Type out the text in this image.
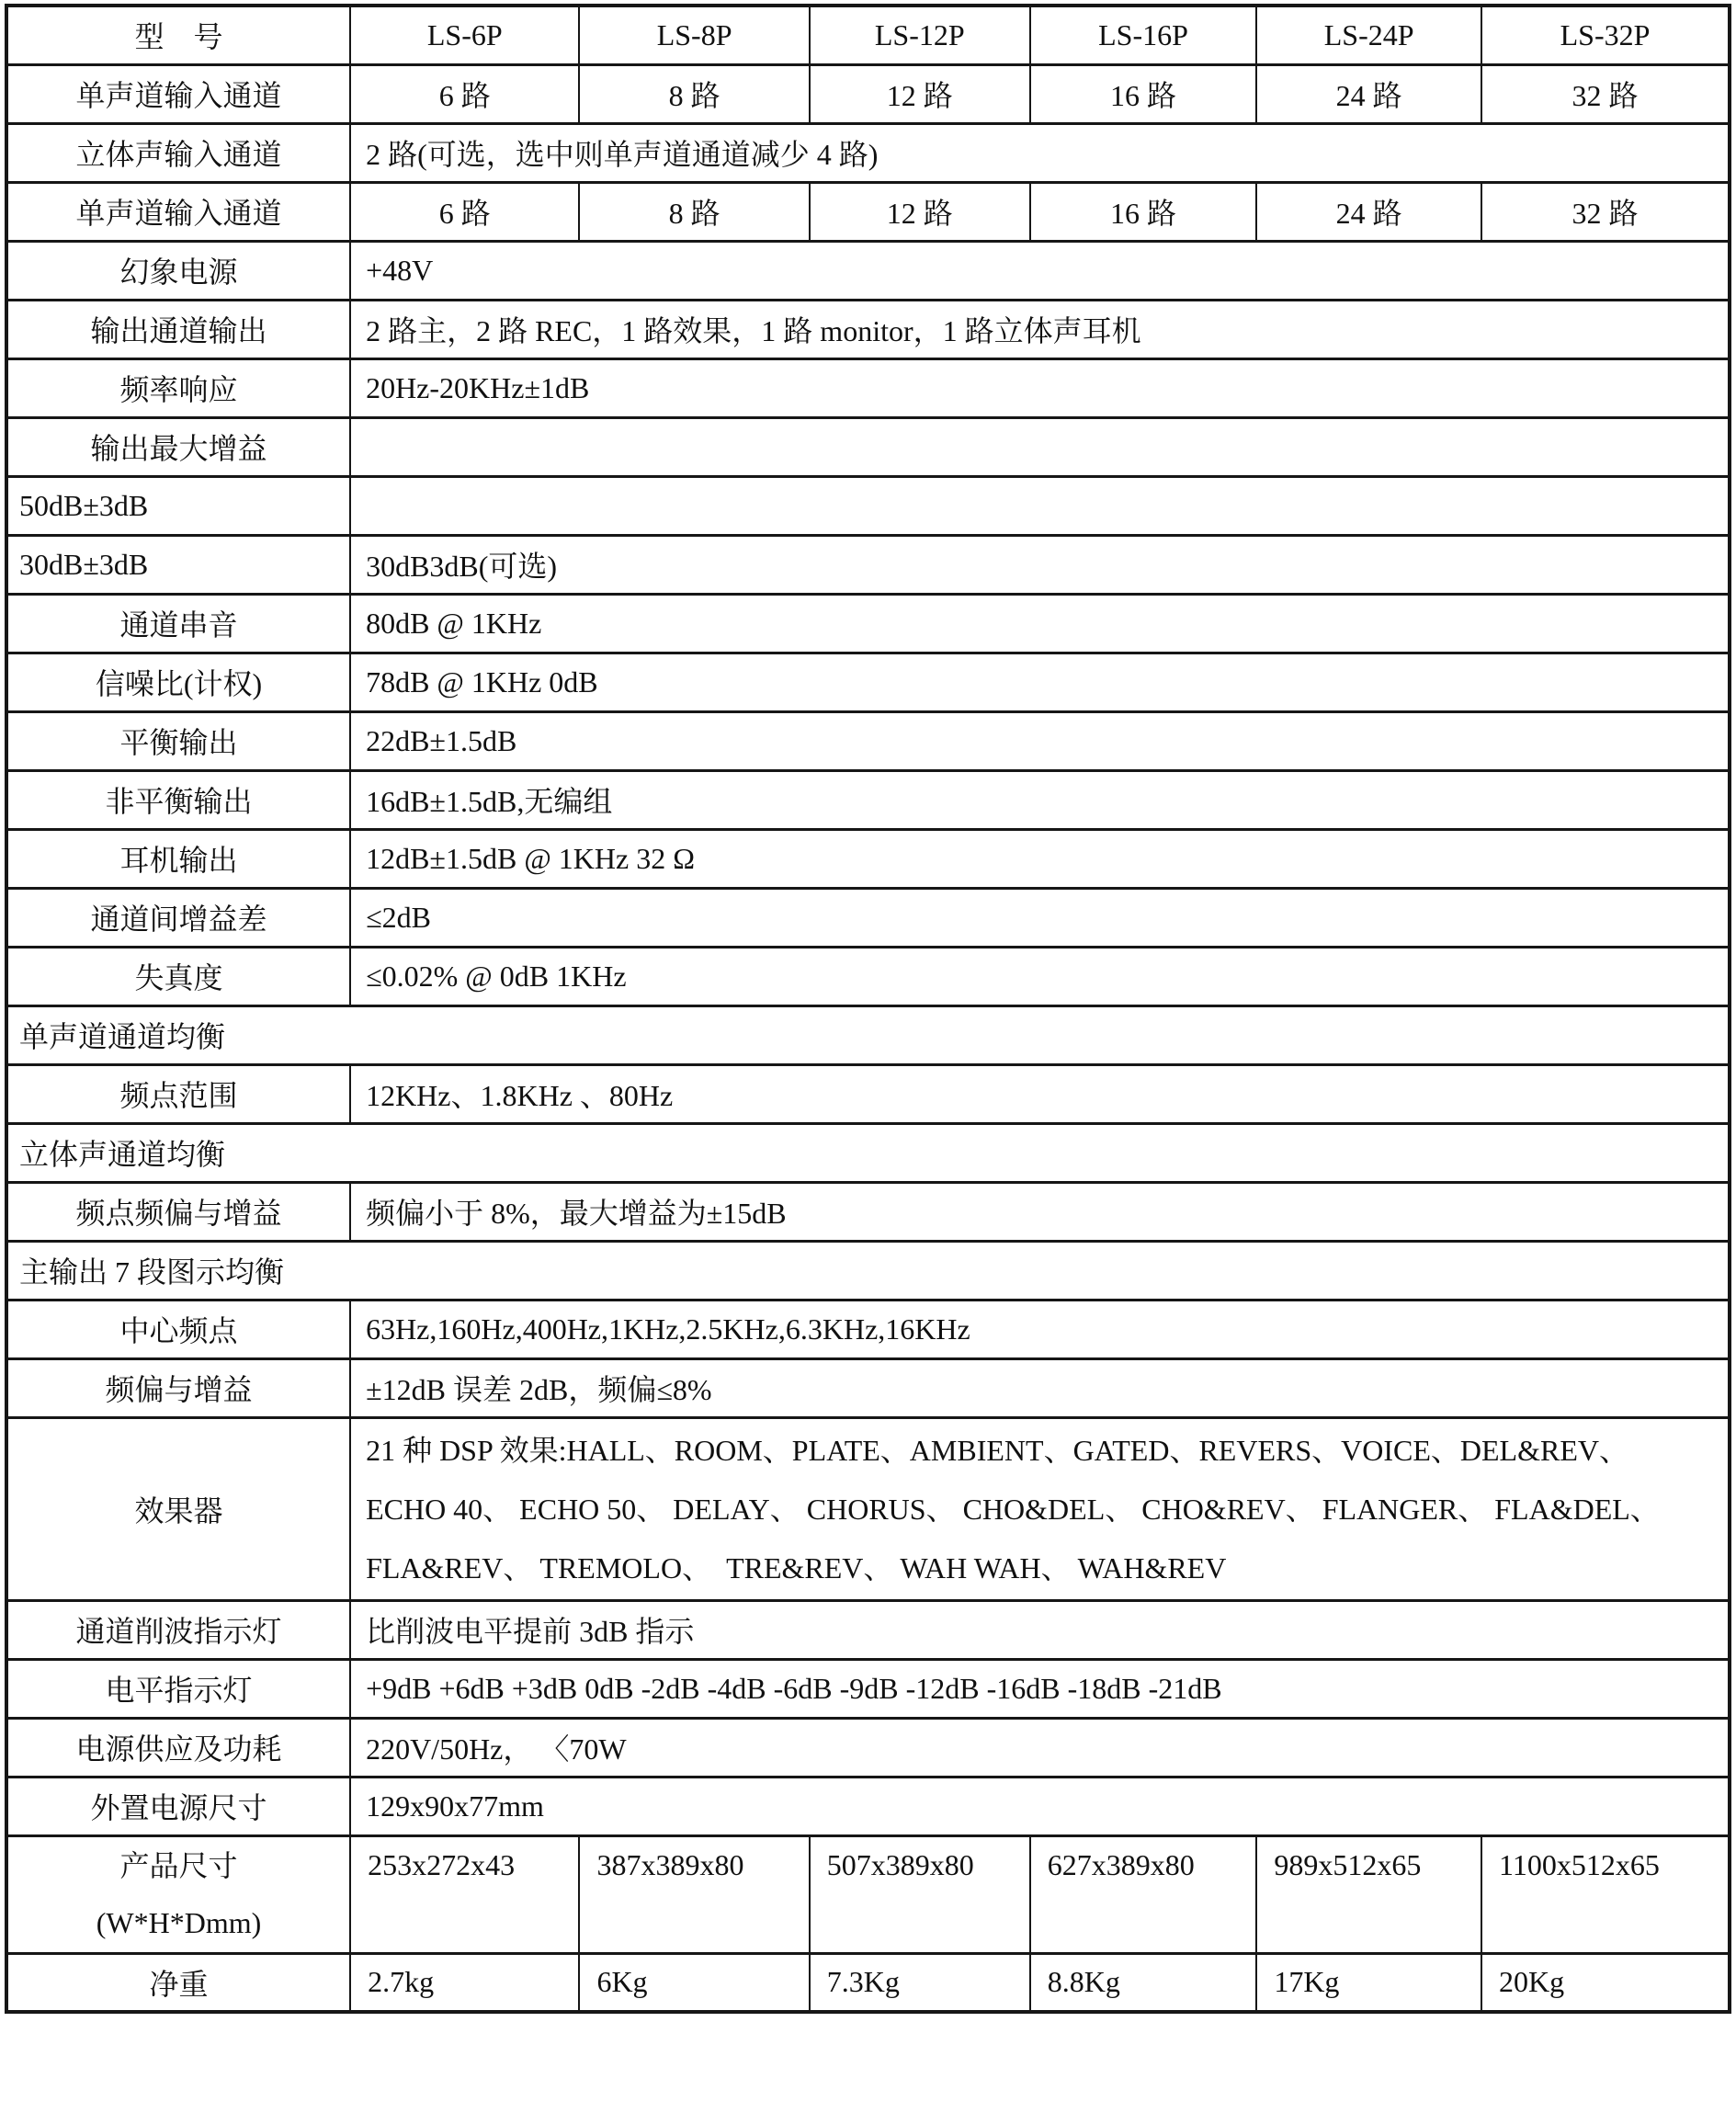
型　号	LS-6P	LS-8P	LS-12P	LS-16P	LS-24P	LS-32P
单声道输入通道	6 路	8 路	12 路	16 路	24 路	32 路
立体声输入通道	2 路(可选，选中则单声道通道减少 4 路)					
单声道输入通道	6 路	8 路	12 路	16 路	24 路	32 路
幻象电源	+48V					
输出通道输出	2 路主，2 路 REC，1 路效果，1 路 monitor，1 路立体声耳机					
频率响应	20Hz-20KHz±1dB					
输出最大增益						
50dB±3dB						
30dB±3dB	30dB3dB(可选)					
通道串音	80dB @ 1KHz					
信噪比(计权)	78dB @ 1KHz 0dB					
平衡输出	22dB±1.5dB					
非平衡输出	16dB±1.5dB,无编组					
耳机输出	12dB±1.5dB @ 1KHz 32 Ω					
通道间增益差	≤2dB					
失真度	≤0.02% @ 0dB 1KHz					
单声道通道均衡						
频点范围	12KHz、1.8KHz 、80Hz					
立体声通道均衡						
频点频偏与增益	频偏小于 8%，最大增益为±15dB					
主输出 7 段图示均衡						
中心频点	63Hz,160Hz,400Hz,1KHz,2.5KHz,6.3KHz,16KHz					
频偏与增益	±12dB 误差 2dB，频偏≤8%					
效果器	21 种 DSP 效果:HALL、ROOM、PLATE、AMBIENT、GATED、REVERS、VOICE、DEL&REV、
ECHO 40、 ECHO 50、 DELAY、 CHORUS、 CHO&DEL、 CHO&REV、 FLANGER、 FLA&DEL、
FLA&REV、 TREMOLO、　TRE&REV、 WAH WAH、 WAH&REV					
通道削波指示灯	比削波电平提前 3dB 指示					
电平指示灯	+9dB +6dB +3dB 0dB -2dB -4dB -6dB -9dB -12dB -16dB -18dB -21dB					
电源供应及功耗	220V/50Hz， 〈70W					
外置电源尺寸	129x90x77mm					

产品尺寸
(W*H*Dmm)	253x272x43	387x389x80	507x389x80	627x389x80	989x512x65	1100x512x65
净重	2.7kg	6Kg	7.3Kg	8.8Kg	17Kg	20Kg
